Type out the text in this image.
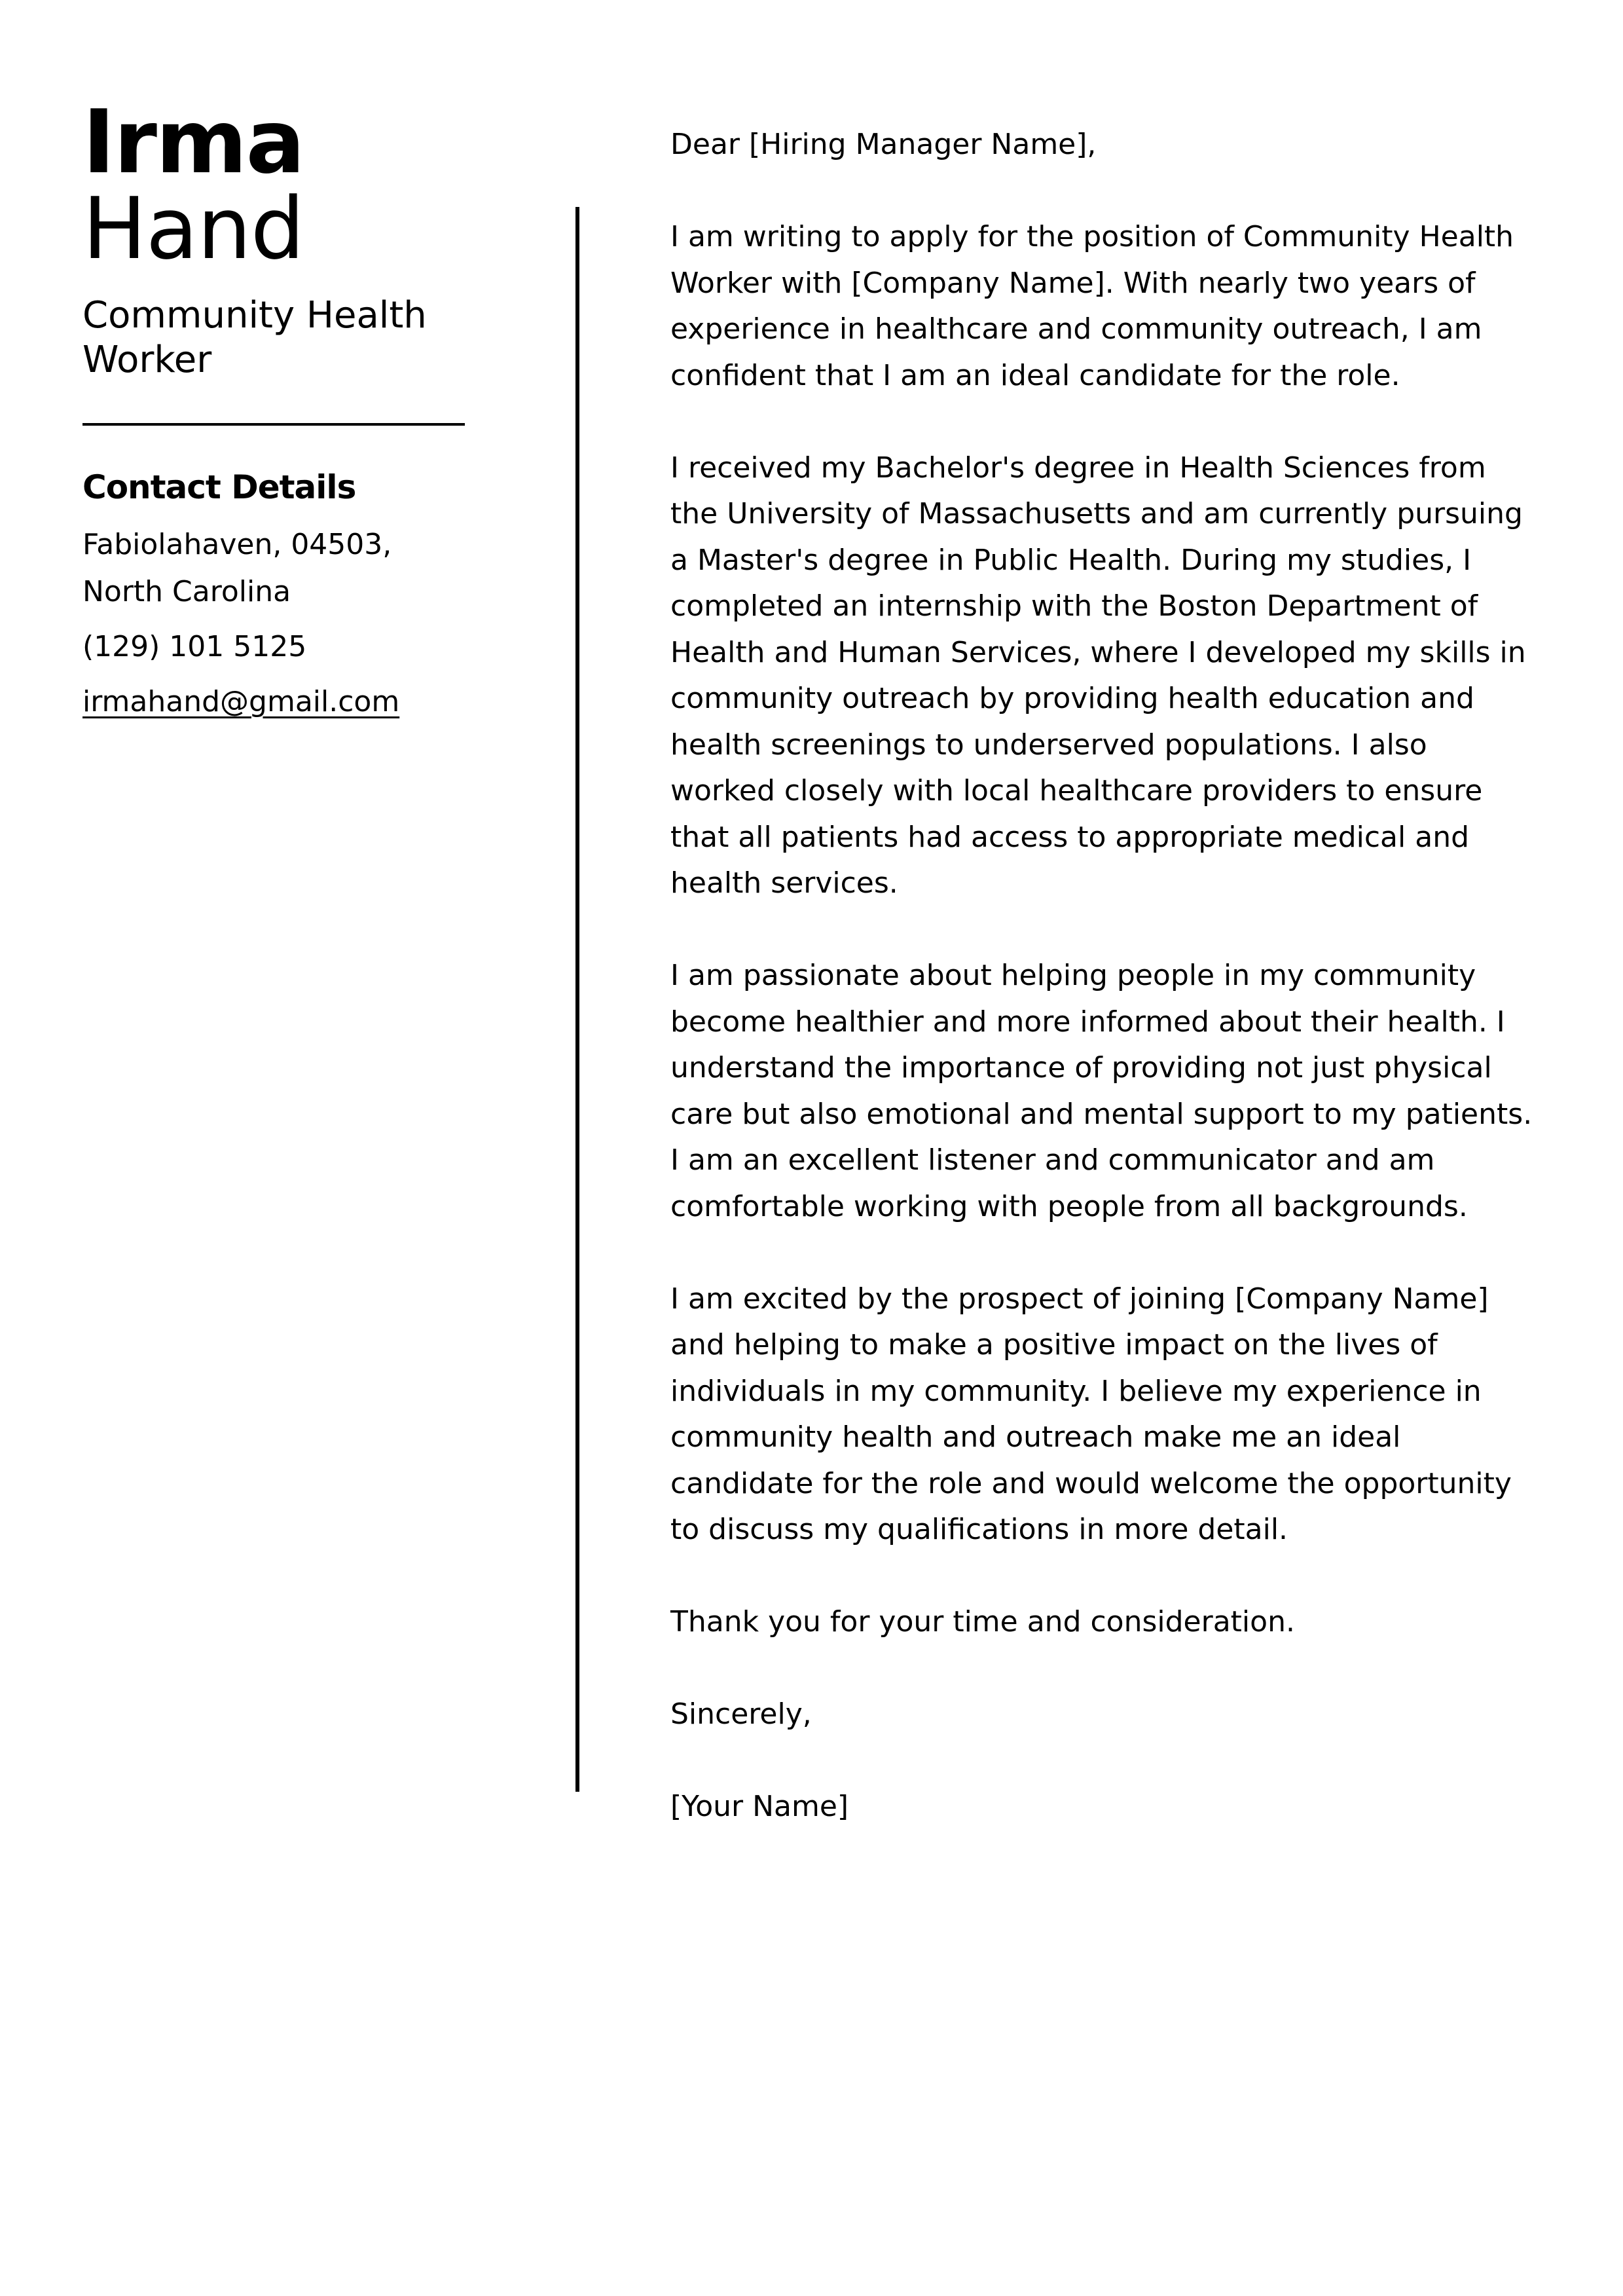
Irma
Hand
Community Health Worker
Contact Details
Fabiolahaven, 04503, North Carolina
(129) 101 5125
irmahand@gmail.com

Dear [Hiring Manager Name],

I am writing to apply for the position of Community Health Worker with [Company Name]. With nearly two years of experience in healthcare and community outreach, I am confident that I am an ideal candidate for the role.

I received my Bachelor's degree in Health Sciences from the University of Massachusetts and am currently pursuing a Master's degree in Public Health. During my studies, I completed an internship with the Boston Department of Health and Human Services, where I developed my skills in community outreach by providing health education and health screenings to underserved populations. I also worked closely with local healthcare providers to ensure that all patients had access to appropriate medical and health services.

I am passionate about helping people in my community become healthier and more informed about their health. I understand the importance of providing not just physical care but also emotional and mental support to my patients. I am an excellent listener and communicator and am comfortable working with people from all backgrounds.

I am excited by the prospect of joining [Company Name] and helping to make a positive impact on the lives of individuals in my community. I believe my experience in community health and outreach make me an ideal candidate for the role and would welcome the opportunity to discuss my qualifications in more detail.

Thank you for your time and consideration.

Sincerely,

[Your Name]
